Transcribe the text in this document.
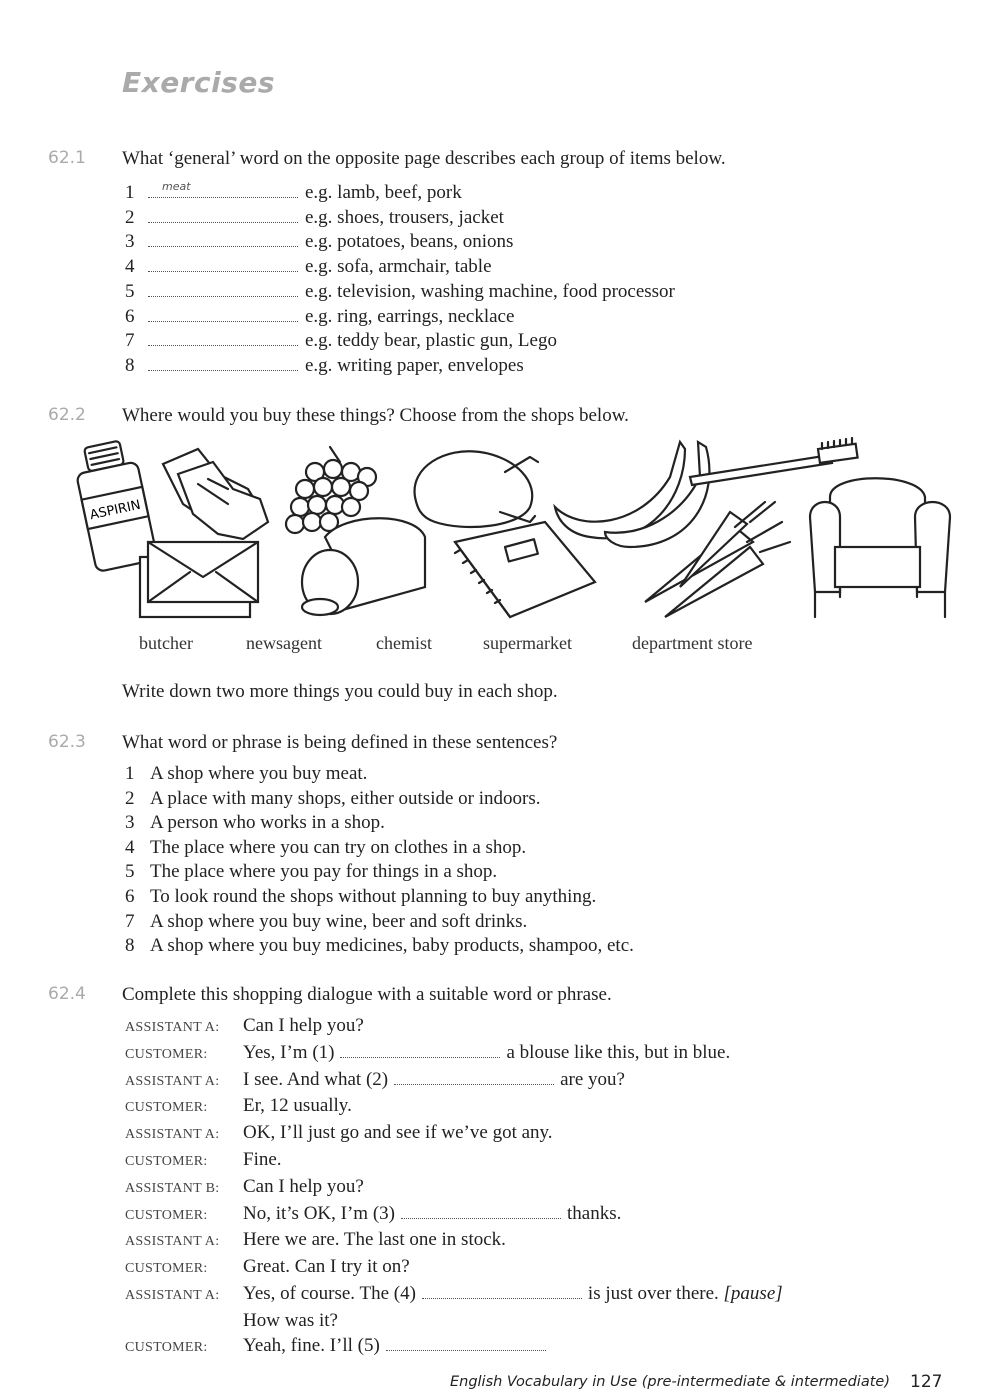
Exercises
62.1 What ‘general’ word on the opposite page describes each group of items below.
1	meat	e.g. lamb, beef, pork
2	e.g. shoes, trousers, jacket
3	e.g. potatoes, beans, onions
4	e.g. sofa, armchair, table
5	e.g. television, washing machine, food processor
6	e.g. ring, earrings, necklace
7	e.g. teddy bear, plastic gun, Lego
8	e.g. writing paper, envelopes
62.2 Where would you buy these things? Choose from the shops below.
ASPIRIN
butcher	newsagent	chemist	supermarket	department store
Write down two more things you could buy in each shop.
62.3 What word or phrase is being defined in these sentences?
1 A shop where you buy meat.
2 A place with many shops, either outside or indoors.
3 A person who works in a shop.
4 The place where you can try on clothes in a shop.
5 The place where you pay for things in a shop.
6 To look round the shops without planning to buy anything.
7 A shop where you buy wine, beer and soft drinks.
8 A shop where you buy medicines, baby products, shampoo, etc.
62.4 Complete this shopping dialogue with a suitable word or phrase.
ASSISTANT A: Can I help you?
CUSTOMER: Yes, I’m (1)	a blouse like this, but in blue.
ASSISTANT A: I see. And what (2)	are you?
CUSTOMER: Er, 12 usually.
ASSISTANT A: OK, I’ll just go and see if we’ve got any.
CUSTOMER: Fine.
ASSISTANT B: Can I help you?
CUSTOMER: No, it’s OK, I’m (3)	thanks.
ASSISTANT A: Here we are. The last one in stock.
CUSTOMER: Great. Can I try it on?
ASSISTANT A: Yes, of course. The (4)	is just over there. [pause]
How was it?
CUSTOMER: Yeah, fine. I’ll (5)
English Vocabulary in Use (pre-intermediate & intermediate) 127
